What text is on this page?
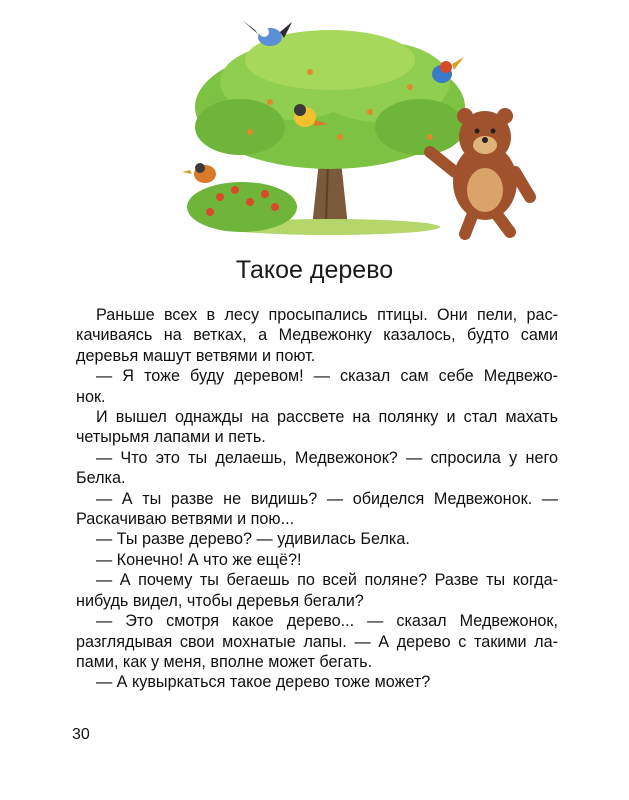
Такое дерево
Раньше всех в лесу просыпались птицы. Они пели, рас-
качиваясь на ветках, а Медвежонку казалось, будто сами
деревья машут ветвями и поют.
— Я тоже буду деревом! — сказал сам себе Медвежо-
нок.
И вышел однажды на рассвете на полянку и стал махать
четырьмя лапами и петь.
— Что это ты делаешь, Медвежонок? — спросила у него
Белка.
— А ты разве не видишь? — обиделся Медвежонок. —
Раскачиваю ветвями и пою...
— Ты разве дерево? — удивилась Белка.
— Конечно! А что же ещё?!
— А почему ты бегаешь по всей поляне? Разве ты когда-
нибудь видел, чтобы деревья бегали?
— Это смотря какое дерево... — сказал Медвежонок,
разглядывая свои мохнатые лапы. — А дерево с такими ла-
пами, как у меня, вполне может бегать.
— А кувыркаться такое дерево тоже может?
30
